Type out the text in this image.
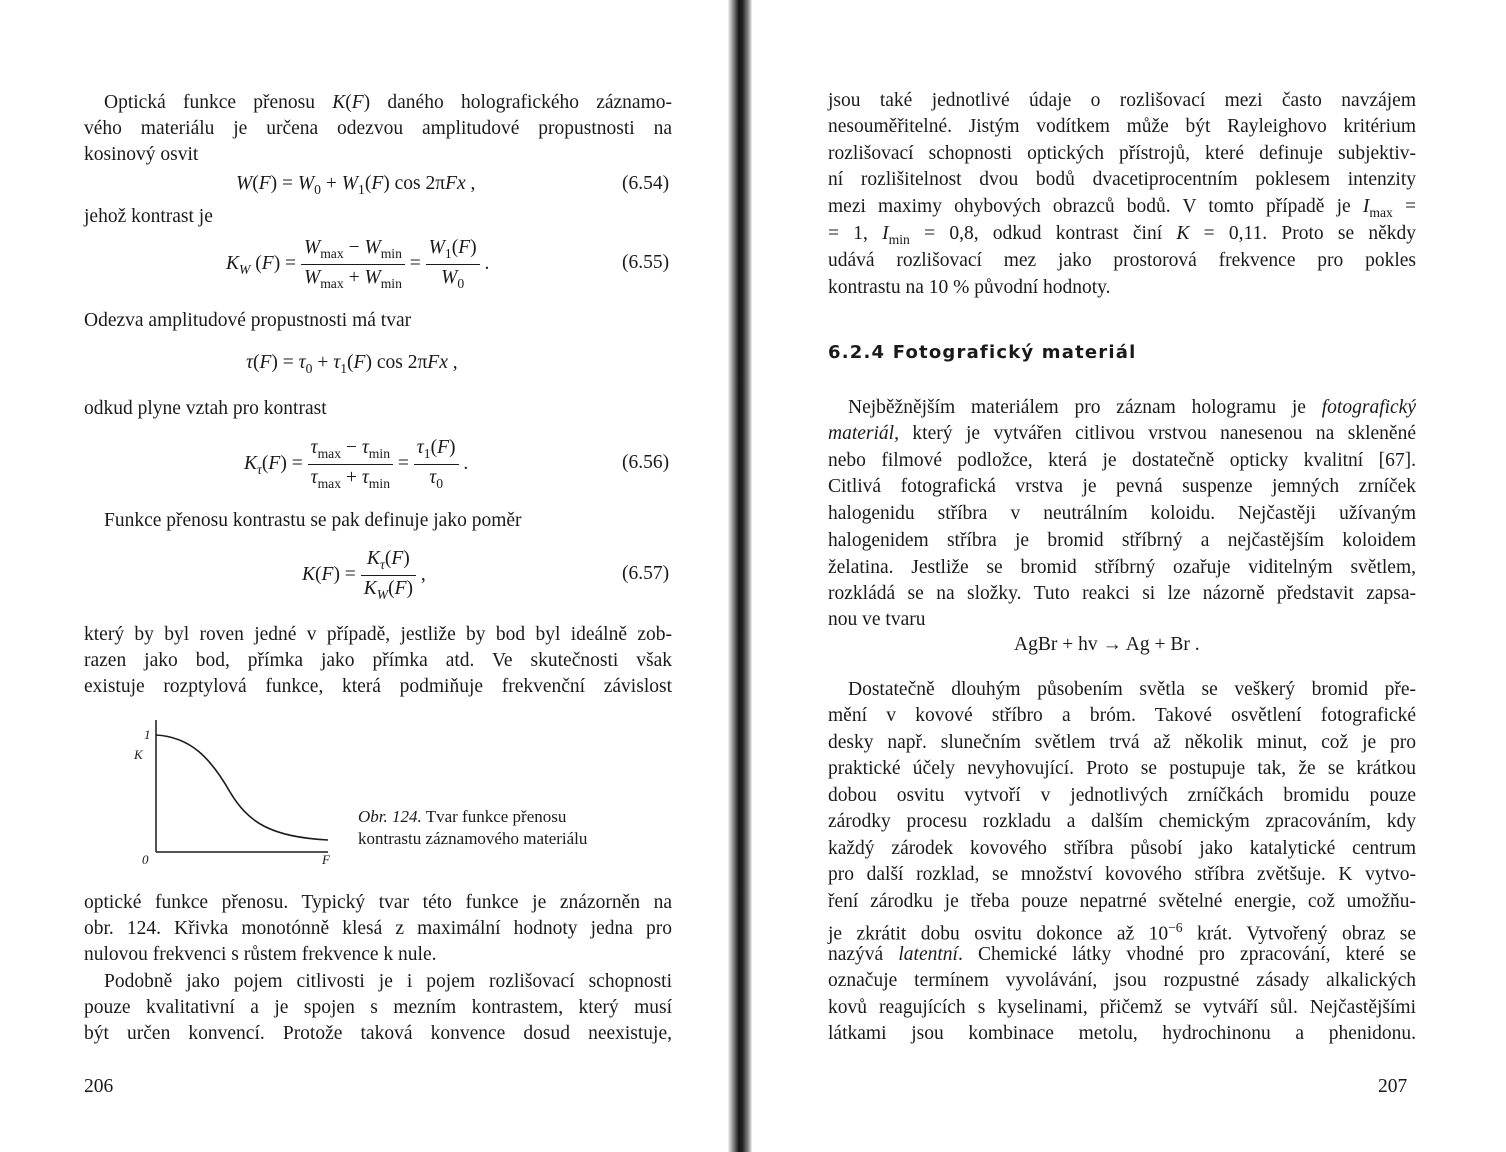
Optická funkce přenosu K(F) daného holografického záznamo-

vého materiálu je určena odezvou amplitudové propustnosti na

kosinový osvit

$W(F) = W_0 + W_1(F)$ cos 2πFx ,	(6.54)

jehož kontrast je

$K_W$ $(F) = \frac{W_{max} - W_{min}}{W_{max} + W_{min}} = \frac{W_1(F)}{W_0}$ .	(6.55)

Odezva amplitudové propustnosti má tvar

$\tau(F) = \tau_0 + \tau_1(F)$ cos 2πFx ,

odkud plyne vztah pro kontrast

$K_\tau(F) = \frac{\tau_{max} - \tau_{min}}{\tau_{max} + \tau_{min}} = \frac{\tau_1(F)}{\tau_0}$ .	(6.56)

Funkce přenosu kontrastu se pak definuje jako poměr

$K(F) = \frac{K_\tau(F)}{K_W(F)}$ ,	(6.57)

který by byl roven jedné v případě, jestliže by bod byl ideálně zob-

razen jako bod, přímka jako přímka atd. Ve skutečnosti však

existuje rozptylová funkce, která podmiňuje frekvenční závislost

1
K
0	F
Obr. 124. Tvar funkce přenosu
kontrastu záznamového materiálu

optické funkce přenosu. Typický tvar této funkce je znázorněn na

obr. 124. Křivka monotónně klesá z maximální hodnoty jedna pro

nulovou frekvenci s růstem frekvence k nule.

Podobně jako pojem citlivosti je i pojem rozlišovací schopnosti

pouze kvalitativní a je spojen s mezním kontrastem, který musí

být určen konvencí. Protože taková konvence dosud neexistuje,

206

jsou také jednotlivé údaje o rozlišovací mezi často navzájem

nesouměřitelné. Jistým vodítkem může být Rayleighovo kritérium

rozlišovací schopnosti optických přístrojů, které definuje subjektiv-

ní rozlišitelnost dvou bodů dvacetiprocentním poklesem intenzity

mezi maximy ohybových obrazců bodů. V tomto případě je $I_{max}$ =

= 1, $I_{min} = 0,8$, odkud kontrast činí K = 0,11. Proto se někdy

udává rozlišovací mez jako prostorová frekvence pro pokles

kontrastu na 10 % původní hodnoty.

6.2.4 Fotografický materiál

Nejběžnějším materiálem pro záznam hologramu je fotografický

materiál, který je vytvářen citlivou vrstvou nanesenou na skleněné

nebo filmové podložce, která je dostatečně opticky kvalitní [67].

Citlivá fotografická vrstva je pevná suspenze jemných zrníček

halogenidu stříbra v neutrálním koloidu. Nejčastěji užívaným

halogenidem stříbra je bromid stříbrný a nejčastějším koloidem

želatina. Jestliže se bromid stříbrný ozařuje viditelným světlem,

rozkládá se na složky. Tuto reakci si lze názorně představit zapsa-

nou ve tvaru

AgBr + hv → Ag + Br .

Dostatečně dlouhým působením světla se veškerý bromid pře-

mění v kovové stříbro a bróm. Takové osvětlení fotografické

desky např. slunečním světlem trvá až několik minut, což je pro

praktické účely nevyhovující. Proto se postupuje tak, že se krátkou

dobou osvitu vytvoří v jednotlivých zrníčkách bromidu pouze

zárodky procesu rozkladu a dalším chemickým zpracováním, kdy

každý zárodek kovového stříbra působí jako katalytické centrum

pro další rozklad, se množství kovového stříbra zvětšuje. K vytvo-

ření zárodku je třeba pouze nepatrné světelné energie, což umožňu-

je zkrátit dobu osvitu dokonce až $10^{-6}$ krát. Vytvořený obraz se

nazývá latentní. Chemické látky vhodné pro zpracování, které se

označuje termínem vyvolávání, jsou rozpustné zásady alkalických

kovů reagujících s kyselinami, přičemž se vytváří sůl. Nejčastějšími

látkami jsou kombinace metolu, hydrochinonu a phenidonu.

207
